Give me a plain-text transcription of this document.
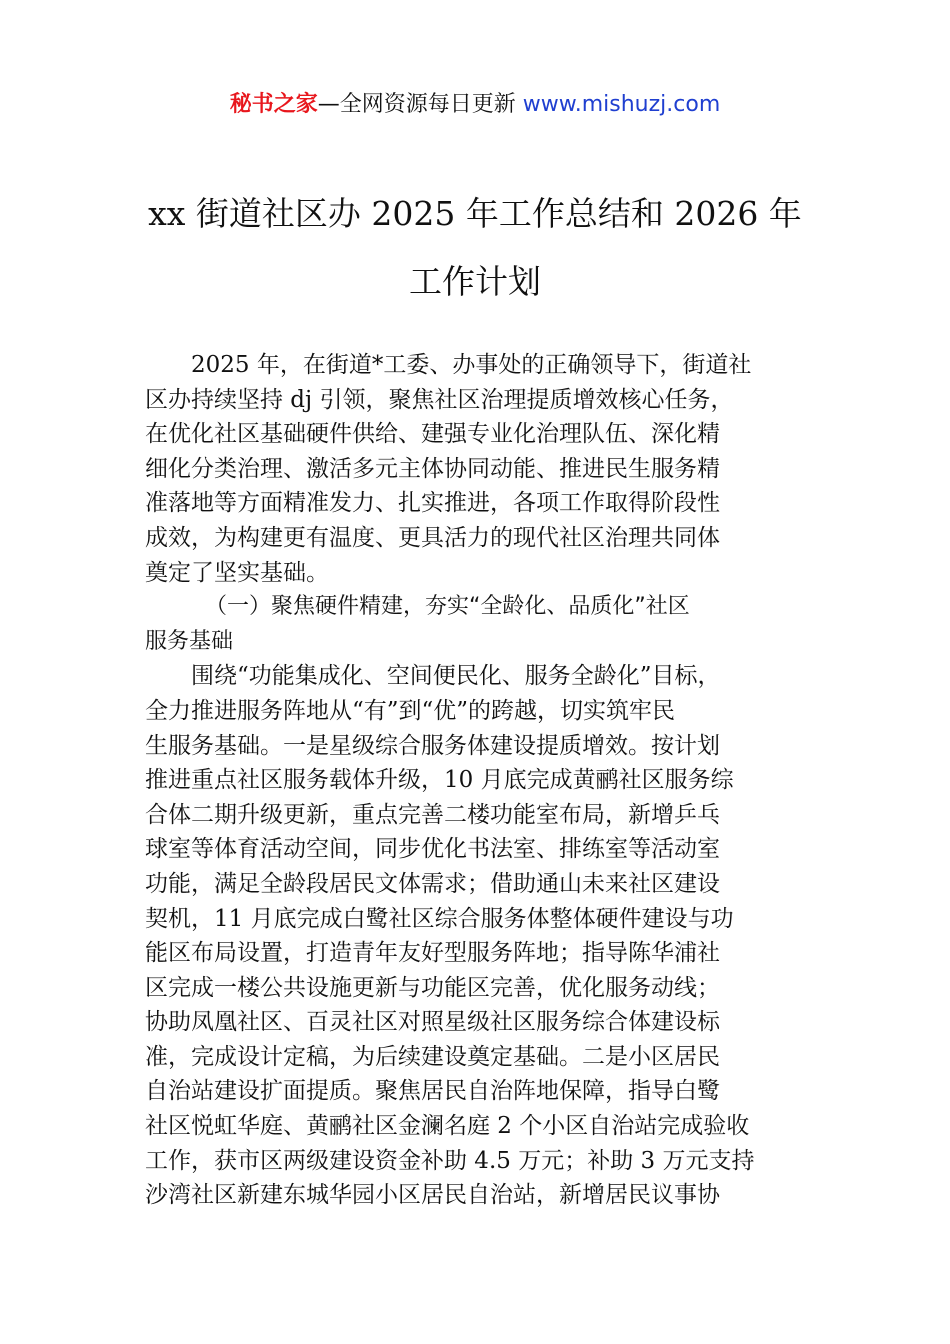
秘书之家—全网资源每日更新 www.mishuzj.com
xx 街道社区办 2025 年工作总结和 2026 年
工作计划
2025 年，在街道*工委、办事处的正确领导下，街道社
区办持续坚持 dj 引领，聚焦社区治理提质增效核心任务，
在优化社区基础硬件供给、建强专业化治理队伍、深化精
细化分类治理、激活多元主体协同动能、推进民生服务精
准落地等方面精准发力、扎实推进，各项工作取得阶段性
成效，为构建更有温度、更具活力的现代社区治理共同体
奠定了坚实基础。
（一）聚焦硬件精建，夯实“全龄化、品质化”社区
服务基础
围绕“功能集成化、空间便民化、服务全龄化”目标，
全力推进服务阵地从“有”到“优”的跨越，切实筑牢民
生服务基础。一是星级综合服务体建设提质增效。按计划
推进重点社区服务载体升级，10 月底完成黄鹂社区服务综
合体二期升级更新，重点完善二楼功能室布局，新增乒乓
球室等体育活动空间，同步优化书法室、排练室等活动室
功能，满足全龄段居民文体需求；借助通山未来社区建设
契机，11 月底完成白鹭社区综合服务体整体硬件建设与功
能区布局设置，打造青年友好型服务阵地；指导陈华浦社
区完成一楼公共设施更新与功能区完善，优化服务动线；
协助凤凰社区、百灵社区对照星级社区服务综合体建设标
准，完成设计定稿，为后续建设奠定基础。二是小区居民
自治站建设扩面提质。聚焦居民自治阵地保障，指导白鹭
社区悦虹华庭、黄鹂社区金澜名庭 2 个小区自治站完成验收
工作，获市区两级建设资金补助 4.5 万元；补助 3 万元支持
沙湾社区新建东城华园小区居民自治站，新增居民议事协
